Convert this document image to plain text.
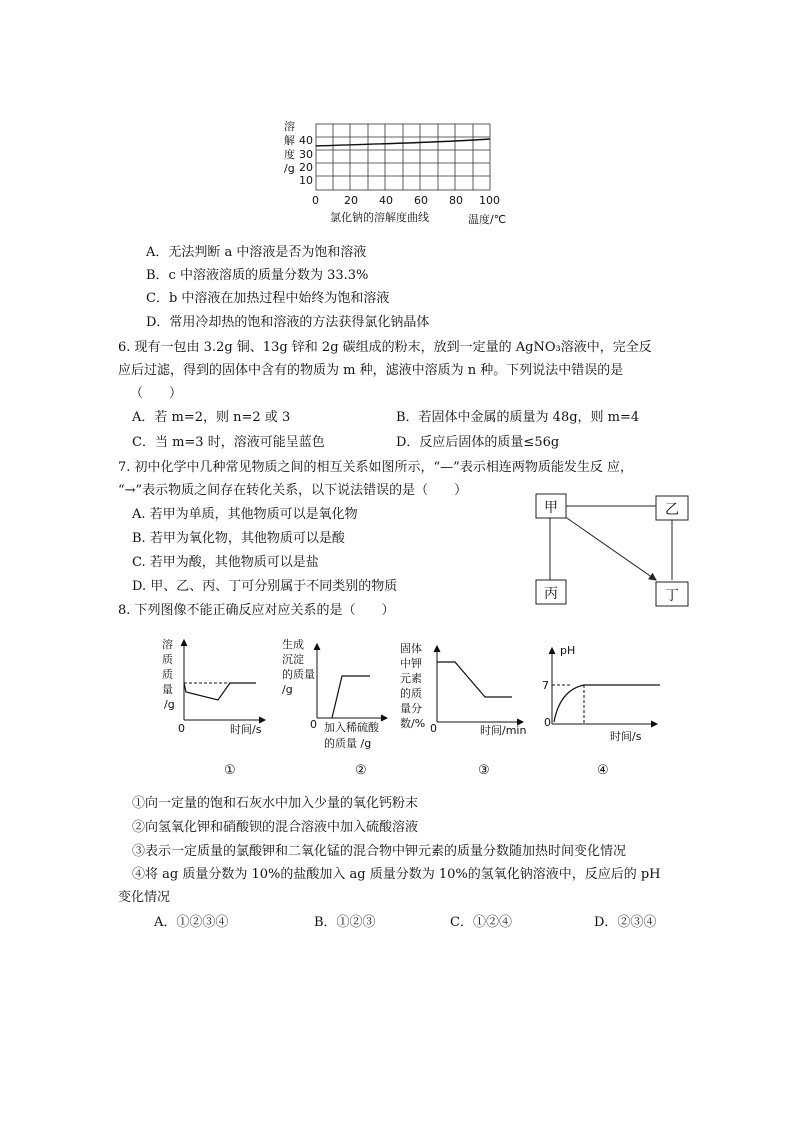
溶
解
度
/g
40
30
20
10
0 20 40 60 80 100
氯化钠的溶解度曲线	温度/℃
A．无法判断 a 中溶液是否为饱和溶液
B．c 中溶液溶质的质量分数为 33.3%
C．b 中溶液在加热过程中始终为饱和溶液
D．常用冷却热的饱和溶液的方法获得氯化钠晶体
6. 现有一包由 3.2g 铜、13g 锌和 2g 碳组成的粉末，放到一定量的 AgNO₃溶液中，完全反
应后过滤，得到的固体中含有的物质为 m 种，滤液中溶质为 n 种。下列说法中错误的是
（　　）
A．若 m=2，则 n=2 或 3	B．若固体中金属的质量为 48g，则 m=4
C．当 m=3 时，溶液可能呈蓝色	D．反应后固体的质量≤56g
7. 初中化学中几种常见物质之间的相互关系如图所示，“—”表示相连两物质能发生反 应，
“→”表示物质之间存在转化关系，以下说法错误的是（　　）
A. 若甲为单质，其他物质可以是氧化物
B. 若甲为氧化物，其他物质可以是酸
C. 若甲为酸，其他物质可以是盐
D. 甲、乙、丙、丁可分别属于不同类别的物质
甲	乙
丙	丁
8. 下列图像不能正确反应对应关系的是（　　）
溶
质
质
量
/g
0	时间/s
生成
沉淀
的质量
/g
0 加入稀硫酸
的质量 /g
固体
中钾
元素
的质
量分
数/% 0	时间/min
pH
7
0
时间/s
①	②	③	④
①向一定量的饱和石灰水中加入少量的氧化钙粉末
②向氢氧化钾和硝酸钡的混合溶液中加入硫酸溶液
③表示一定质量的氯酸钾和二氧化锰的混合物中钾元素的质量分数随加热时间变化情况
④将 ag 质量分数为 10%的盐酸加入 ag 质量分数为 10%的氢氧化钠溶液中，反应后的 pH
变化情况
A．①②③④	B．①②③	C．①②④	D．②③④
